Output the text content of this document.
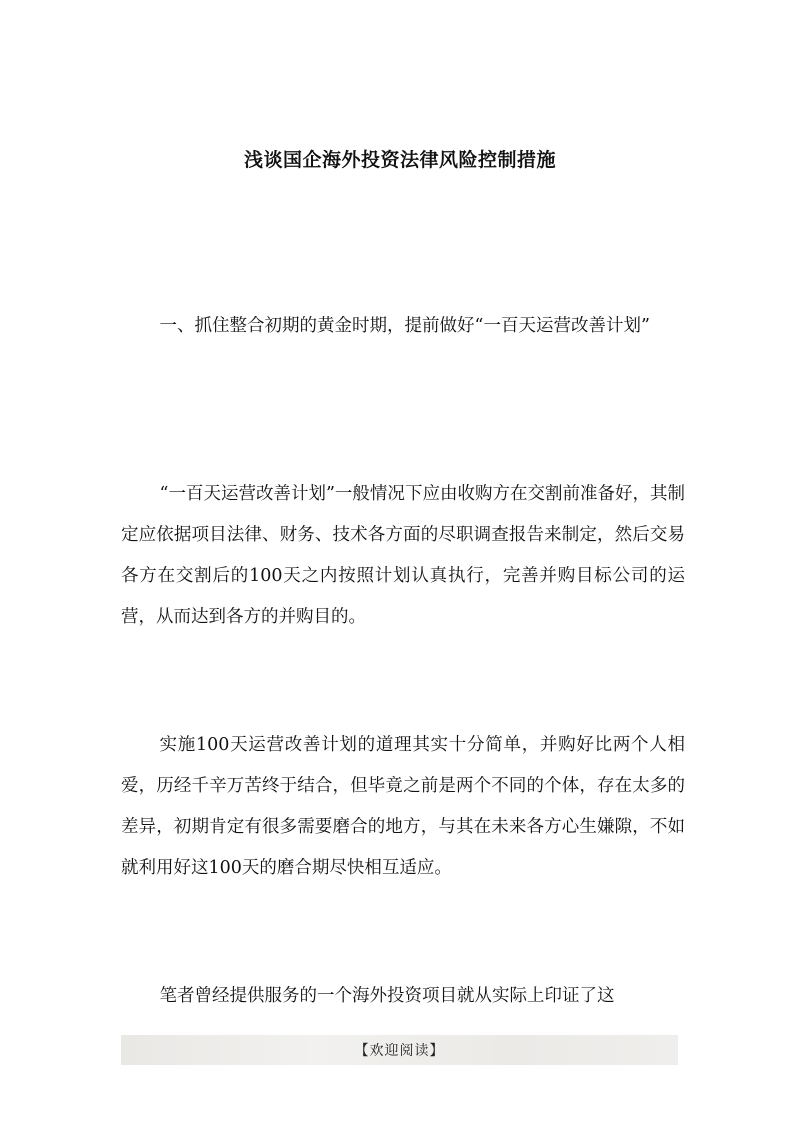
浅谈国企海外投资法律风险控制措施

一、抓住整合初期的黄金时期，提前做好“一百天运营改善计划”

“一百天运营改善计划”一般情况下应由收购方在交割前准备好，其制定应依据项目法律、财务、技术各方面的尽职调查报告来制定，然后交易各方在交割后的100天之内按照计划认真执行，完善并购目标公司的运营，从而达到各方的并购目的。

实施100天运营改善计划的道理其实十分简单，并购好比两个人相爱，历经千辛万苦终于结合，但毕竟之前是两个不同的个体，存在太多的差异，初期肯定有很多需要磨合的地方，与其在未来各方心生嫌隙，不如就利用好这100天的磨合期尽快相互适应。

笔者曾经提供服务的一个海外投资项目就从实际上印证了这

【欢迎阅读】
